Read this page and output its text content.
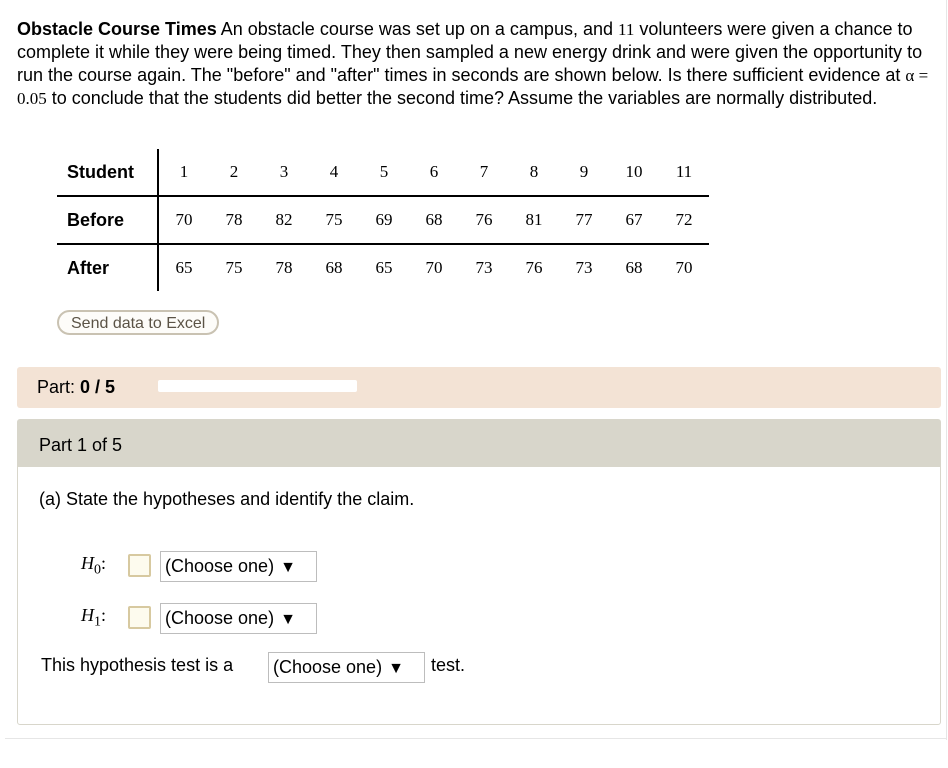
Obstacle Course Times An obstacle course was set up on a campus, and 11 volunteers were given a chance to complete it while they were being timed. They then sampled a new energy drink and were given the opportunity to run the course again. The "before" and "after" times in seconds are shown below. Is there sufficient evidence at α = 0.05 to conclude that the students did better the second time? Assume the variables are normally distributed.
Student	1	2	3	4	5	6	7	8	9	10	11
Before	70	78	82	75	69	68	76	81	77	67	72
After	65	75	78	68	65	70	73	76	73	68	70
Send data to Excel
Part: 0 / 5
Part 1 of 5
(a) State the hypotheses and identify the claim.
$H_0$:	(Choose one) ▼
$H_1$:	(Choose one) ▼
This hypothesis test is a (Choose one) ▼	test.
